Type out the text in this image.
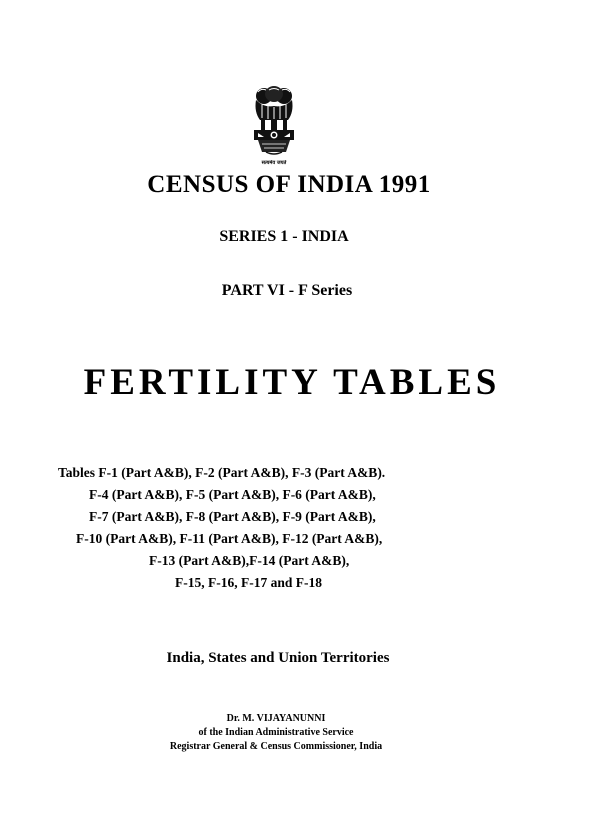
सत्यमेव जयते
CENSUS OF INDIA 1991
SERIES 1 - INDIA
PART VI - F Series
FERTILITY TABLES
Tables F-1 (Part A&B), F-2 (Part A&B), F-3 (Part A&B).
F-4 (Part A&B), F-5 (Part A&B), F-6 (Part A&B),
F-7 (Part A&B), F-8 (Part A&B), F-9 (Part A&B),
F-10 (Part A&B), F-11 (Part A&B), F-12 (Part A&B),
F-13 (Part A&B),F-14 (Part A&B),
F-15, F-16, F-17 and F-18
India, States and Union Territories
Dr. M. VIJAYANUNNI
of the Indian Administrative Service
Registrar General & Census Commissioner, India
